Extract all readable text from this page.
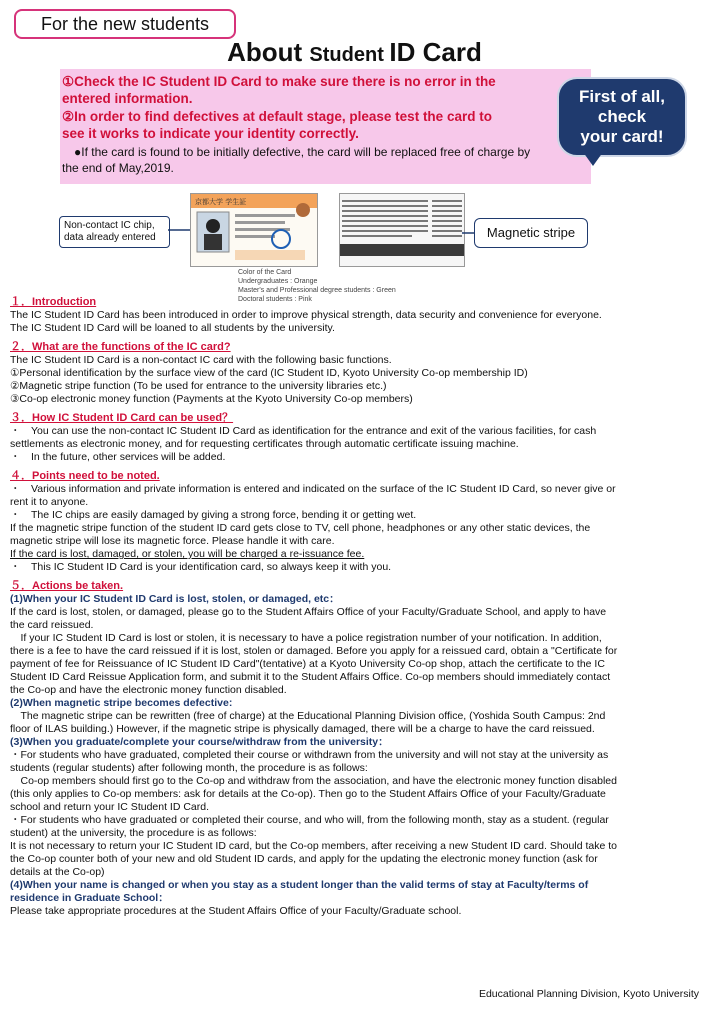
For the new students
About Student ID Card
①Check the IC Student ID Card to make sure there is no error in the
entered information.
②In order to find defectives at default stage, please test the card to
see it works to indicate your identity correctly.
　●If the card is found to be initially defective, the card will be replaced free of charge by
the end of May,2019.
First of all,
check
your card!
Non-contact IC chip,
data already entered
京都大学 学生証
Magnetic stripe
Color of the Card
Undergraduates : Orange
Master's and Professional degree students : Green
Doctoral students : Pink

１．Introduction

The IC Student ID Card has been introduced in order to improve physical strength, data security and convenience for everyone.

The IC Student ID Card will be loaned to all students by the university.

２．What are the functions of the IC card?

The IC Student ID Card is a non-contact IC card with the following basic functions.

①Personal identification by the surface view of the card (IC Student ID, Kyoto University Co-op membership ID)

②Magnetic stripe function (To be used for entrance to the university libraries etc.)

③Co-op electronic money function (Payments at the Kyoto University Co-op members)

３．How IC Student ID Card can be used？

・　You can use the non-contact IC Student ID Card as identification for the entrance and exit of the various facilities, for cash

settlements as electronic money, and for requesting certificates through automatic certificate issuing machine.

・　In the future, other services will be added.

４．Points need to be noted.

・　Various information and private information is entered and indicated on the surface of the IC Student ID Card, so never give or

rent it to anyone.

・　The IC chips are easily damaged by giving a strong force, bending it or getting wet.

If the magnetic stripe function of the student ID card gets close to TV, cell phone, headphones or any other static devices, the

magnetic stripe will lose its magnetic force. Please handle it with care.

If the card is lost, damaged, or stolen, you will be charged a re-issuance fee.

・　This IC Student ID Card is your identification card, so always keep it with you.

５．Actions be taken.

(1)When your IC Student ID Card is lost, stolen, or damaged, etc：

If the card is lost, stolen, or damaged, please go to the Student Affairs Office of your Faculty/Graduate School, and apply to have

the card reissued.

　If your IC Student ID Card is lost or stolen, it is necessary to have a police registration number of your notification. In addition,

there is a fee to have the card reissued if it is lost, stolen or damaged. Before you apply for a reissued card, obtain a "Certificate for

payment of fee for Reissuance of IC Student ID Card"(tentative) at a Kyoto University Co-op shop, attach the certificate to the IC

Student ID Card Reissue Application form, and submit it to the Student Affairs Office. Co-op members should immediately contact

the Co-op and have the electronic money function disabled.

(2)When magnetic stripe becomes defective:

　The magnetic stripe can be rewritten (free of charge) at the Educational Planning Division office, (Yoshida South Campus: 2nd

floor of ILAS building.) However, if the magnetic stripe is physically damaged, there will be a charge to have the card reissued.

(3)When you graduate/complete your course/withdraw from the university：

・For students who have graduated, completed their course or withdrawn from the university and will not stay at the university as

students (regular students) after following month, the procedure is as follows:

　Co-op members should first go to the Co-op and withdraw from the association, and have the electronic money function disabled

(this only applies to Co-op members: ask for details at the Co-op). Then go to the Student Affairs Office of your Faculty/Graduate

school and return your IC Student ID Card.

・For students who have graduated or completed their course, and who will, from the following month, stay as a student. (regular

student) at the university, the procedure is as follows:

It is not necessary to return your IC Student ID card, but the Co-op members, after receiving a new Student ID card. Should take to

the Co-op counter both of your new and old Student ID cards, and apply for the updating the electronic money function (ask for

details at the Co-op)

(4)When your name is changed or when you stay as a student longer than the valid terms of stay at Faculty/terms of

residence in Graduate School：

Please take appropriate procedures at the Student Affairs Office of your Faculty/Graduate school.

Educational Planning Division, Kyoto University
